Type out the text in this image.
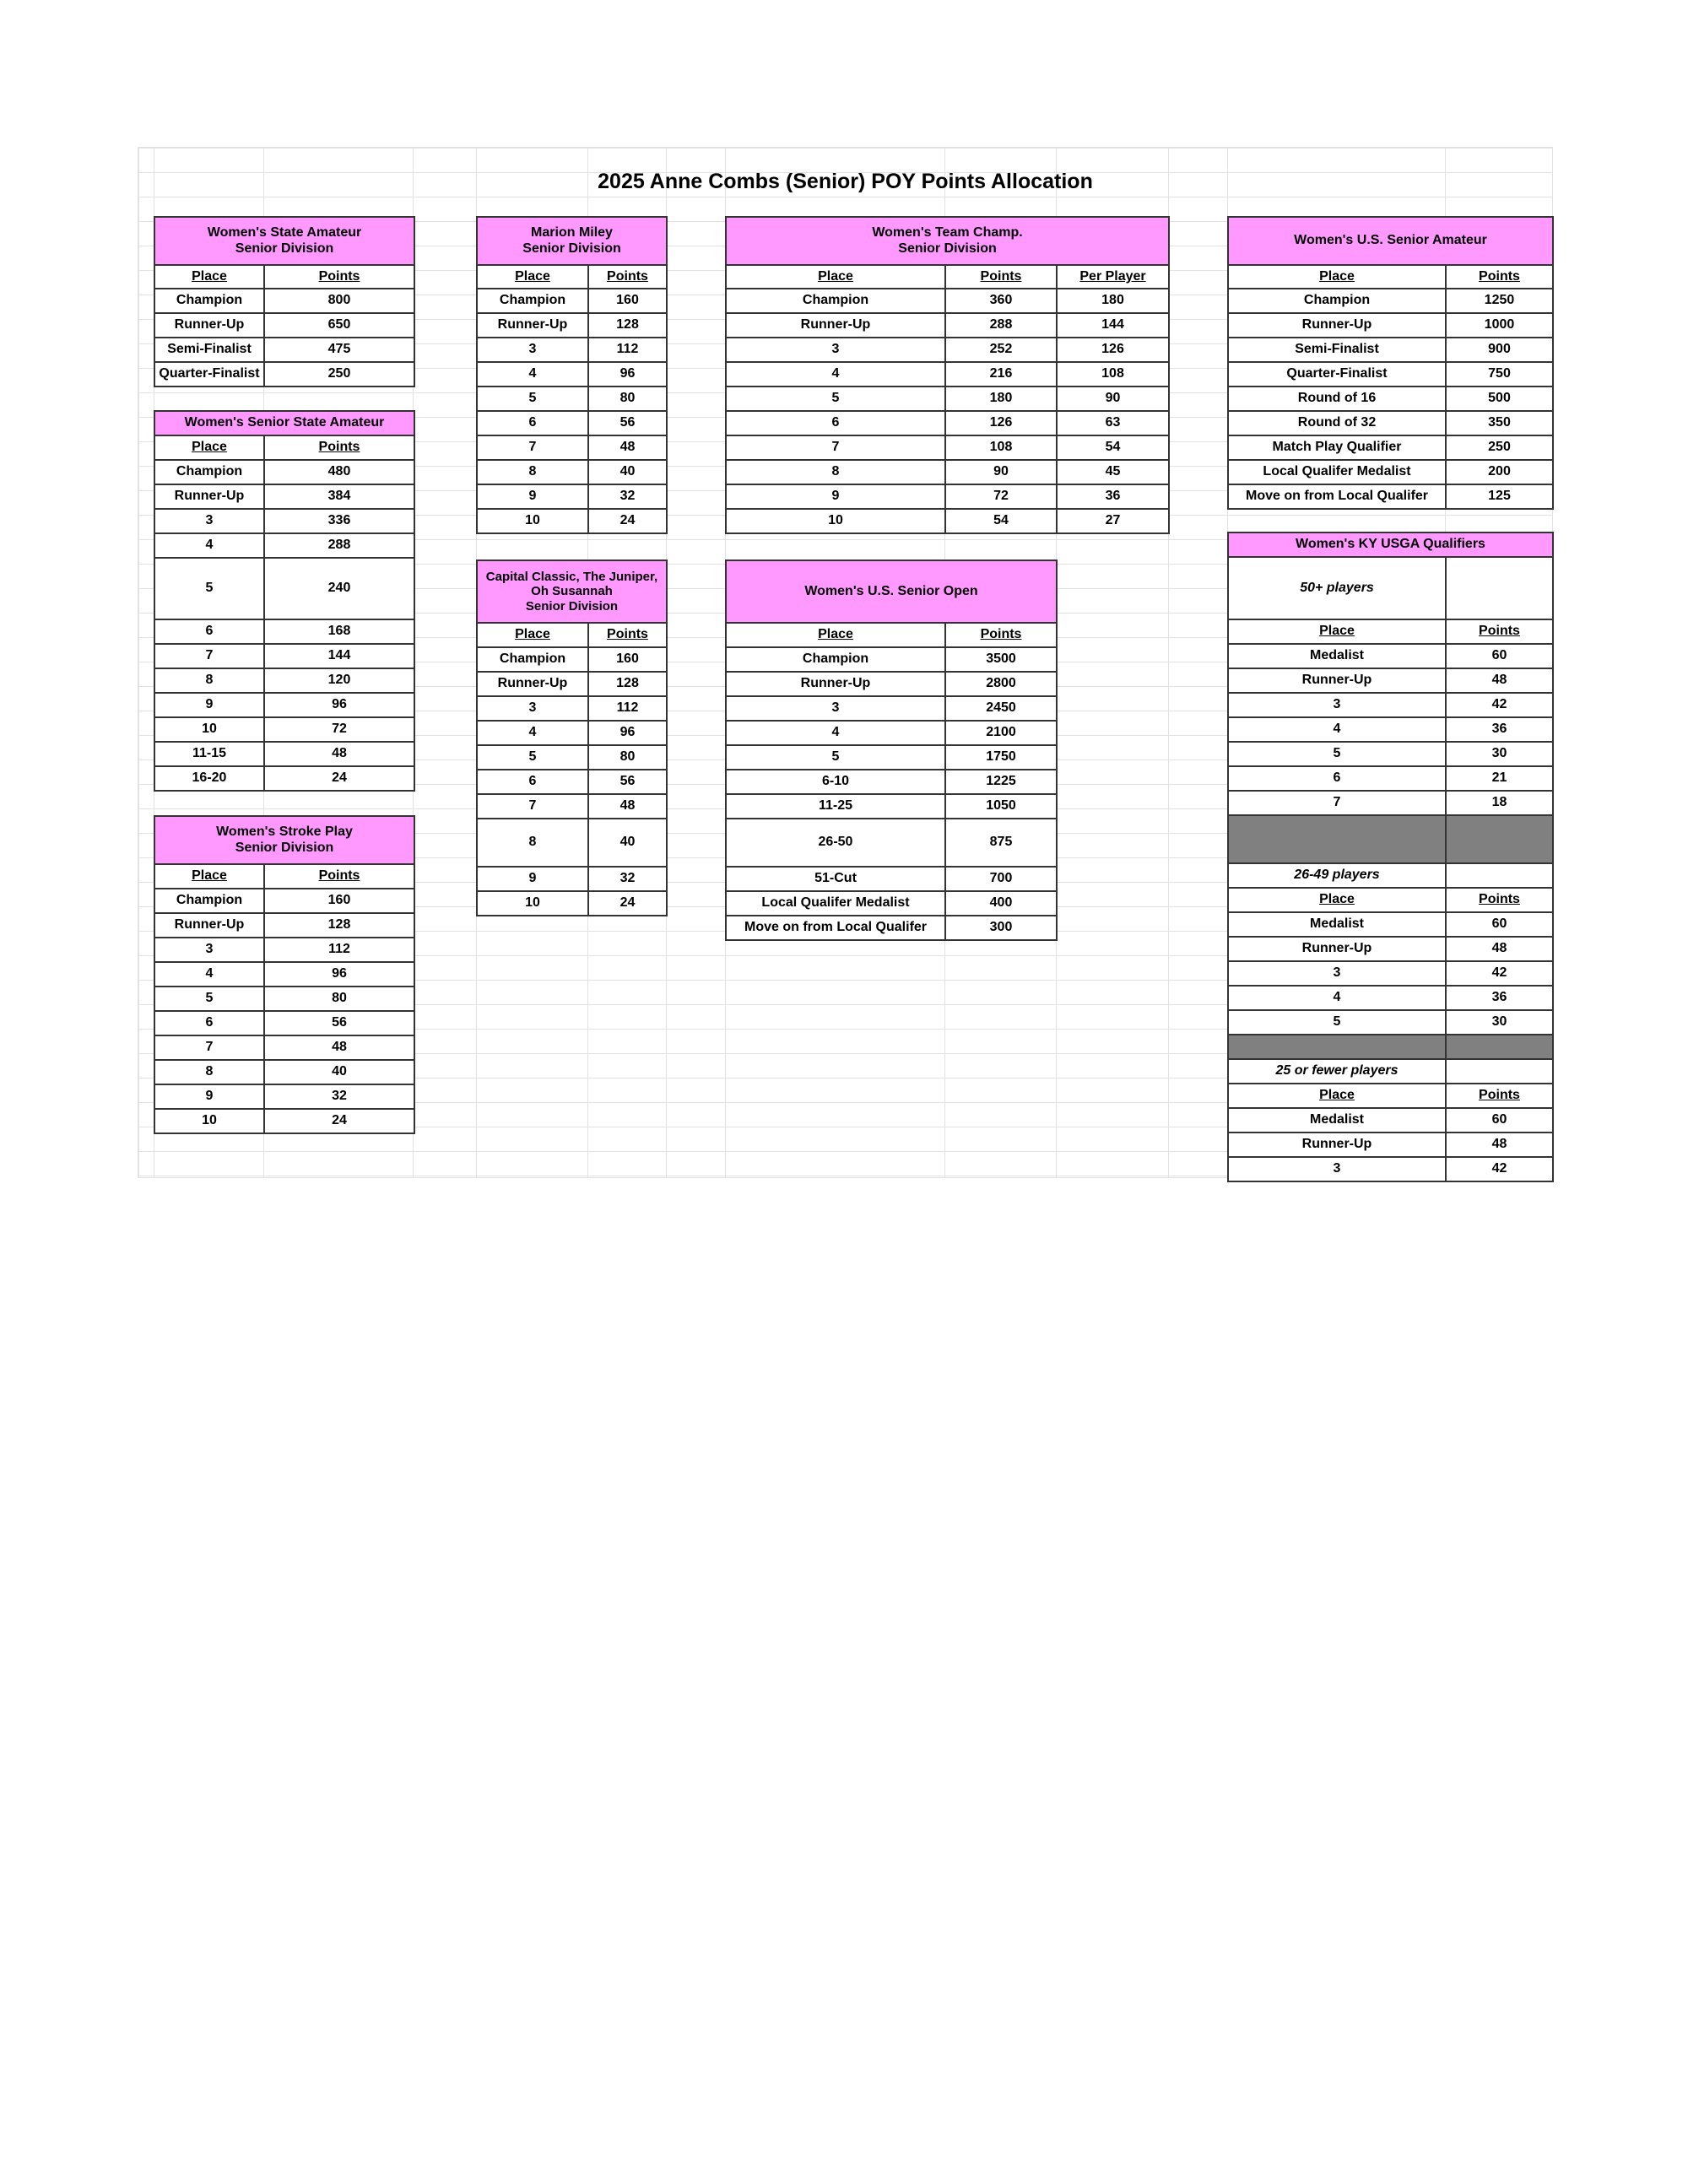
2025 Anne Combs (Senior) POY Points Allocation
Women's State Amateur
Senior Division	

Place	Points
Champion	800
Runner-Up	650
Semi-Finalist	475
Quarter-Finalist	250
Women's Senior State Amateur	
Place	Points
Champion	480
Runner-Up	384
3	336
4	288
5	240
6	168
7	144
8	120
9	96
10	72
11-15	48
16-20	24
Women's Stroke Play
Senior Division	

Place	Points
Champion	160
Runner-Up	128
3	112
4	96
5	80
6	56
7	48
8	40
9	32
10	24
Marion Miley
Senior Division	

Place	Points
Champion	160
Runner-Up	128
3	112
4	96
5	80
6	56
7	48
8	40
9	32
10	24
Capital Classic, The Juniper,
Oh Susannah
Senior Division	

Place	Points
Champion	160
Runner-Up	128
3	112
4	96
5	80
6	56
7	48
8	40
9	32
10	24
Women's Team Champ.
Senior Division		

Place	Points	Per Player
Champion	360	180
Runner-Up	288	144
3	252	126
4	216	108
5	180	90
6	126	63
7	108	54
8	90	45
9	72	36
10	54	27
Women's U.S. Senior Open	
Place	Points
Champion	3500
Runner-Up	2800
3	2450
4	2100
5	1750
6-10	1225
11-25	1050
26-50	875
51-Cut	700
Local Qualifer Medalist	400
Move on from Local Qualifer	300
Women's U.S. Senior Amateur	
Place	Points
Champion	1250
Runner-Up	1000
Semi-Finalist	900
Quarter-Finalist	750
Round of 16	500
Round of 32	350
Match Play Qualifier	250
Local Qualifer Medalist	200
Move on from Local Qualifer	125
Women's KY USGA Qualifiers	
50+ players	
Place	Points
Medalist	60
Runner-Up	48
3	42
4	36
5	30
6	21
7	18

26-49 players	
Place	Points
Medalist	60
Runner-Up	48
3	42
4	36
5	30

25 or fewer players	
Place	Points
Medalist	60
Runner-Up	48
3	42
